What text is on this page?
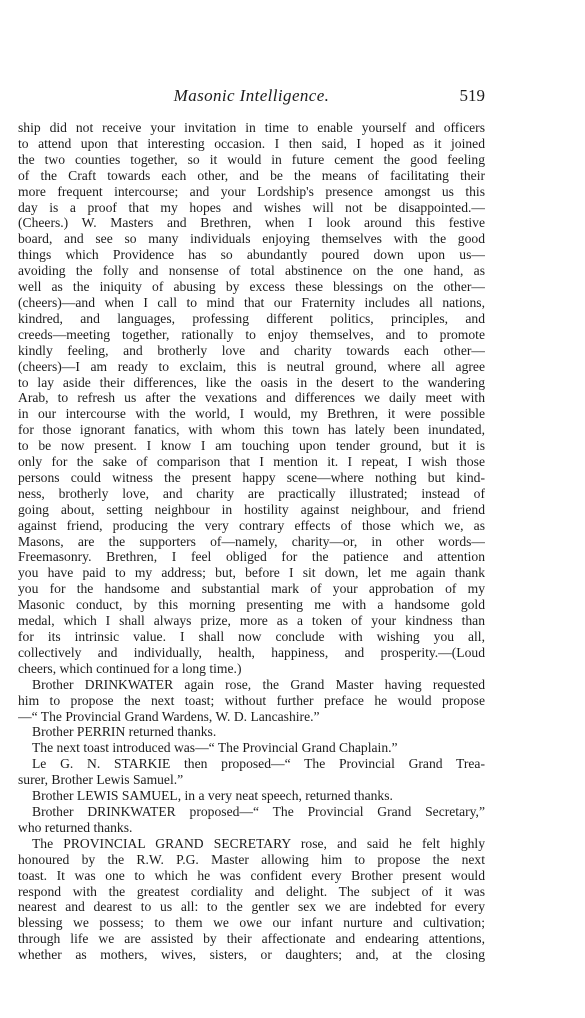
Masonic Intelligence.	519
ship did not receive your invitation in time to enable yourself and officers
to attend upon that interesting occasion. I then said, I hoped as it joined
the two counties together, so it would in future cement the good feeling
of the Craft towards each other, and be the means of facilitating their
more frequent intercourse; and your Lordship's presence amongst us this
day is a proof that my hopes and wishes will not be disappointed.—
(Cheers.) W. Masters and Brethren, when I look around this festive
board, and see so many individuals enjoying themselves with the good
things which Providence has so abundantly poured down upon us—
avoiding the folly and nonsense of total abstinence on the one hand, as
well as the iniquity of abusing by excess these blessings on the other—
(cheers)—and when I call to mind that our Fraternity includes all nations,
kindred, and languages, professing different politics, principles, and
creeds—meeting together, rationally to enjoy themselves, and to promote
kindly feeling, and brotherly love and charity towards each other—
(cheers)—I am ready to exclaim, this is neutral ground, where all agree
to lay aside their differences, like the oasis in the desert to the wandering
Arab, to refresh us after the vexations and differences we daily meet with
in our intercourse with the world, I would, my Brethren, it were possible
for those ignorant fanatics, with whom this town has lately been inundated,
to be now present. I know I am touching upon tender ground, but it is
only for the sake of comparison that I mention it. I repeat, I wish those
persons could witness the present happy scene—where nothing but kind-
ness, brotherly love, and charity are practically illustrated; instead of
going about, setting neighbour in hostility against neighbour, and friend
against friend, producing the very contrary effects of those which we, as
Masons, are the supporters of—namely, charity—or, in other words—
Freemasonry. Brethren, I feel obliged for the patience and attention
you have paid to my address; but, before I sit down, let me again thank
you for the handsome and substantial mark of your approbation of my
Masonic conduct, by this morning presenting me with a handsome gold
medal, which I shall always prize, more as a token of your kindness than
for its intrinsic value. I shall now conclude with wishing you all,
collectively and individually, health, happiness, and prosperity.—(Loud
cheers, which continued for a long time.)
Brother DRINKWATER again rose, the Grand Master having requested
him to propose the next toast; without further preface he would propose
—“ The Provincial Grand Wardens, W. D. Lancashire.”
Brother PERRIN returned thanks.
The next toast introduced was—“ The Provincial Grand Chaplain.”
Le G. N. STARKIE then proposed—“ The Provincial Grand Trea-
surer, Brother Lewis Samuel.”
Brother LEWIS SAMUEL, in a very neat speech, returned thanks.
Brother DRINKWATER proposed—“ The Provincial Grand Secretary,”
who returned thanks.
The PROVINCIAL GRAND SECRETARY rose, and said he felt highly
honoured by the R.W. P.G. Master allowing him to propose the next
toast. It was one to which he was confident every Brother present would
respond with the greatest cordiality and delight. The subject of it was
nearest and dearest to us all: to the gentler sex we are indebted for every
blessing we possess; to them we owe our infant nurture and cultivation;
through life we are assisted by their affectionate and endearing attentions,
whether as mothers, wives, sisters, or daughters; and, at the closing
